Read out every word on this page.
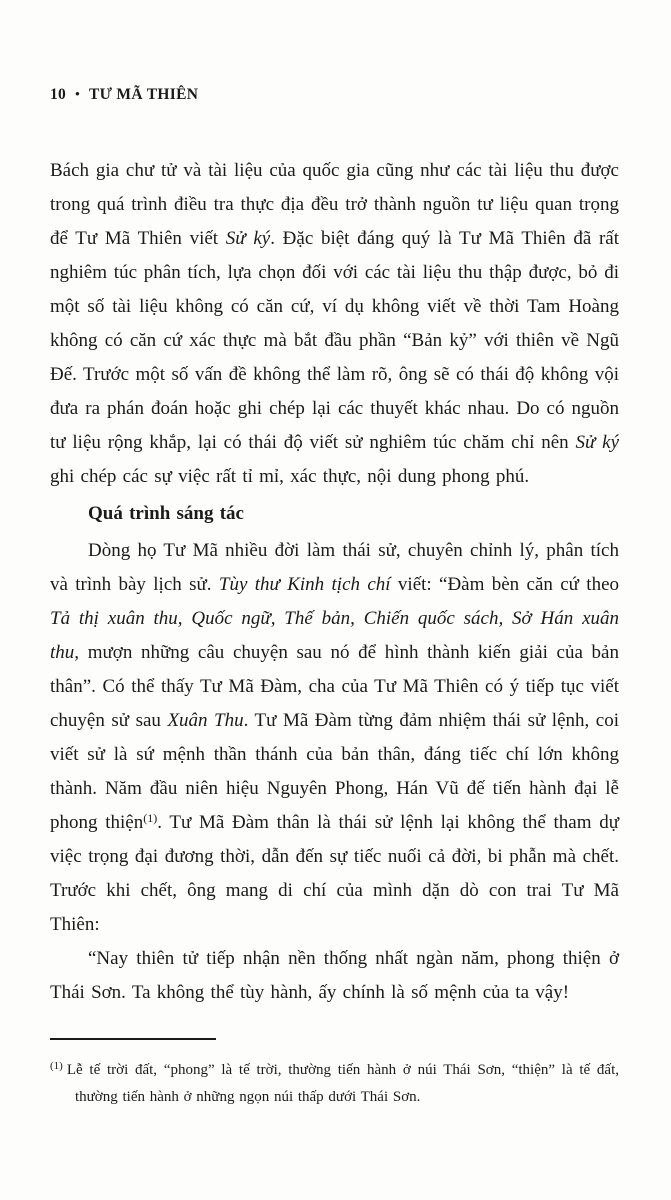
10 • TƯ MÃ THIÊN

Bách gia chư tử và tài liệu của quốc gia cũng như các tài liệu thu được trong quá trình điều tra thực địa đều trở thành nguồn tư liệu quan trọng để Tư Mã Thiên viết Sử ký. Đặc biệt đáng quý là Tư Mã Thiên đã rất nghiêm túc phân tích, lựa chọn đối với các tài liệu thu thập được, bỏ đi một số tài liệu không có căn cứ, ví dụ không viết về thời Tam Hoàng không có căn cứ xác thực mà bắt đầu phần “Bản kỷ” với thiên về Ngũ Đế. Trước một số vấn đề không thể làm rõ, ông sẽ có thái độ không vội đưa ra phán đoán hoặc ghi chép lại các thuyết khác nhau. Do có nguồn tư liệu rộng khắp, lại có thái độ viết sử nghiêm túc chăm chỉ nên Sử ký ghi chép các sự việc rất tỉ mỉ, xác thực, nội dung phong phú.

Quá trình sáng tác

Dòng họ Tư Mã nhiều đời làm thái sử, chuyên chỉnh lý, phân tích và trình bày lịch sử. Tùy thư Kinh tịch chí viết: “Đàm bèn căn cứ theo Tả thị xuân thu, Quốc ngữ, Thế bản, Chiến quốc sách, Sở Hán xuân thu, mượn những câu chuyện sau nó để hình thành kiến giải của bản thân”. Có thể thấy Tư Mã Đàm, cha của Tư Mã Thiên có ý tiếp tục viết chuyện sử sau Xuân Thu. Tư Mã Đàm từng đảm nhiệm thái sử lệnh, coi viết sử là sứ mệnh thần thánh của bản thân, đáng tiếc chí lớn không thành. Năm đầu niên hiệu Nguyên Phong, Hán Vũ đế tiến hành đại lễ phong thiện$^{(1)}$. Tư Mã Đàm thân là thái sử lệnh lại không thể tham dự việc trọng đại đương thời, dẫn đến sự tiếc nuối cả đời, bi phẫn mà chết. Trước khi chết, ông mang di chí của mình dặn dò con trai Tư Mã Thiên:

“Nay thiên tử tiếp nhận nền thống nhất ngàn năm, phong thiện ở Thái Sơn. Ta không thể tùy hành, ấy chính là số mệnh của ta vậy!

$^{(1)}$ Lễ tế trời đất, “phong” là tế trời, thường tiến hành ở núi Thái Sơn, “thiện” là tế đất, thường tiến hành ở những ngọn núi thấp dưới Thái Sơn.
